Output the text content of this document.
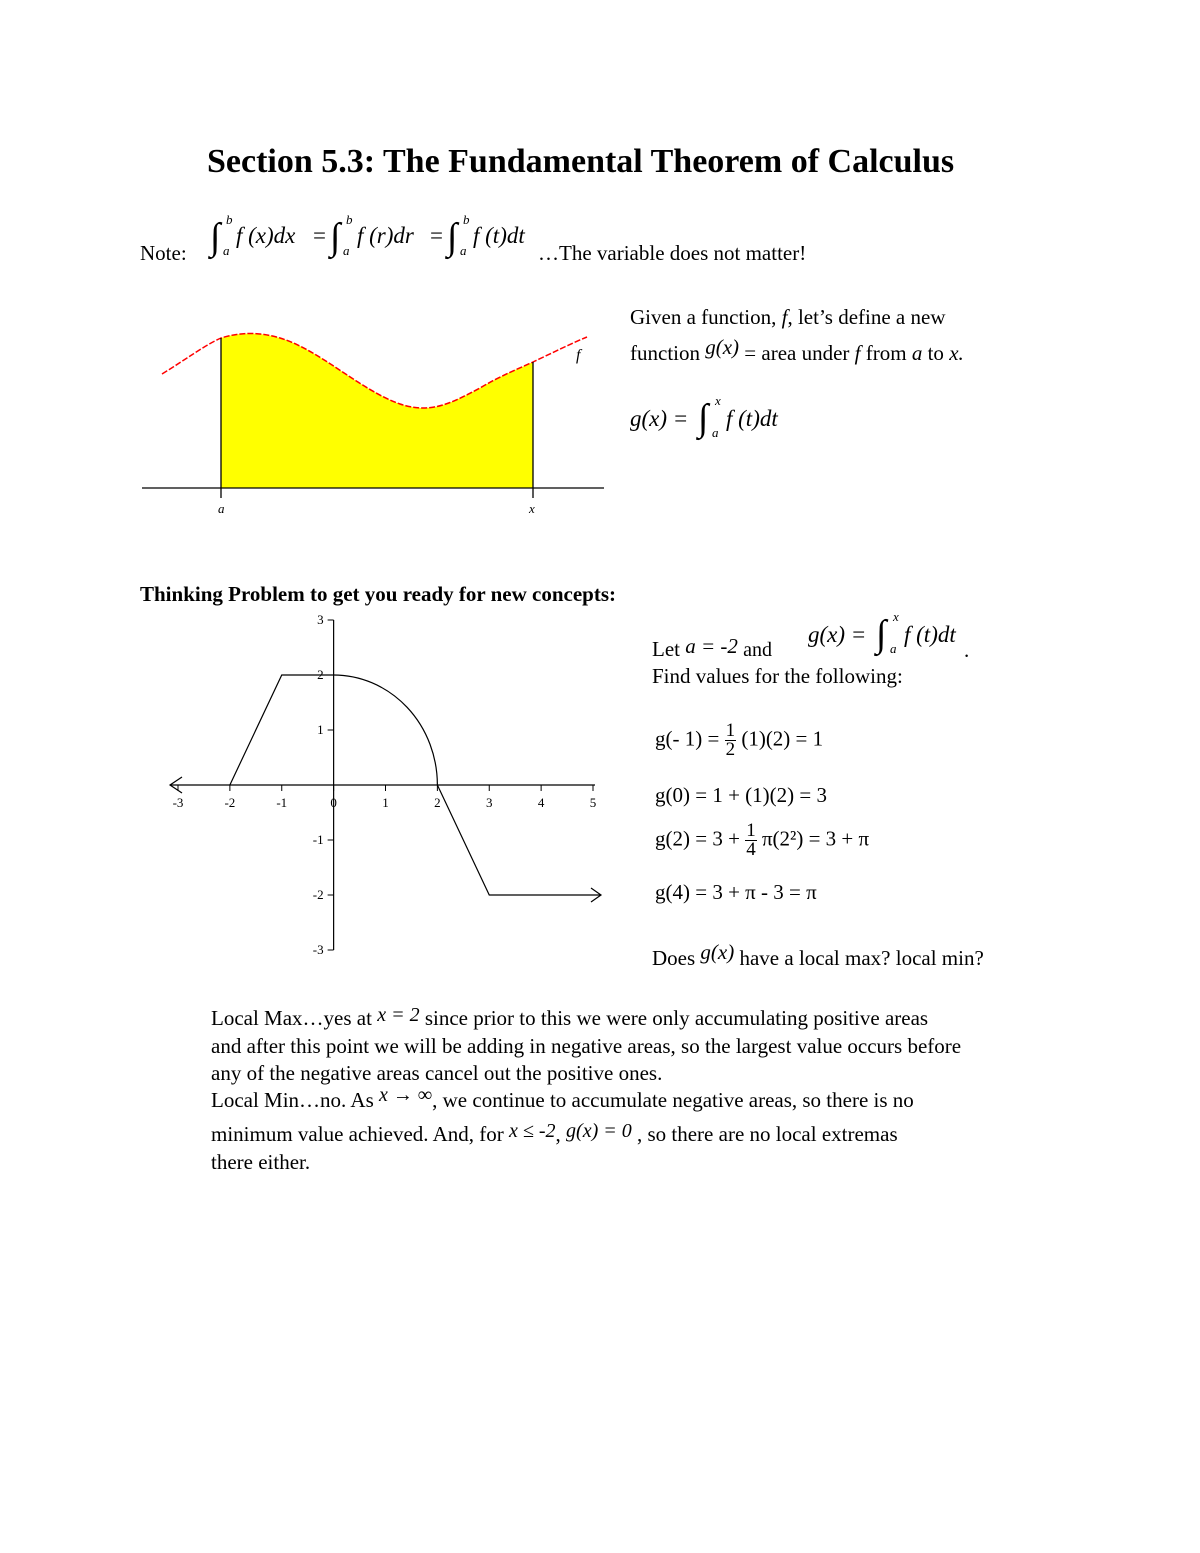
Section 5.3: The Fundamental Theorem of Calculus
Note: ∫ b
a
f (x)dx = ∫ b
a
f (r)dr = ∫ b
a
f (t)dt
…The variable does not matter!
f
a	x
Given a function, f, let’s define a new
function g(x) = area under f from a to x.
g(x) = ∫ x
a
f (t)dt
Thinking Problem to get you ready for new concepts:
-3	-2	-1	0	1	2	3	4	5
3
2
1
-1
-2
-3
Let a = -2 and
g(x) = ∫ x
a
f (t)dt
.
Find values for the following:
g(- $1) = \frac{1}{2} (1)(2) = 1$
g(0) = 1 + (1)(2) = 3
$g(2) = 3 + \frac{1}{4} \pi(2^2) = 3 + \pi$
g(4) = 3 + π - 3 = π
Does g(x) have a local max? local min?
Local Max…yes at x = 2 since prior to this we were only accumulating positive areas
and after this point we will be adding in negative areas, so the largest value occurs before
any of the negative areas cancel out the positive ones.
Local Min…no. As x → ∞, we continue to accumulate negative areas, so there is no
minimum value achieved. And, for x ≤ -2, g(x) = 0 , so there are no local extremas
there either.
